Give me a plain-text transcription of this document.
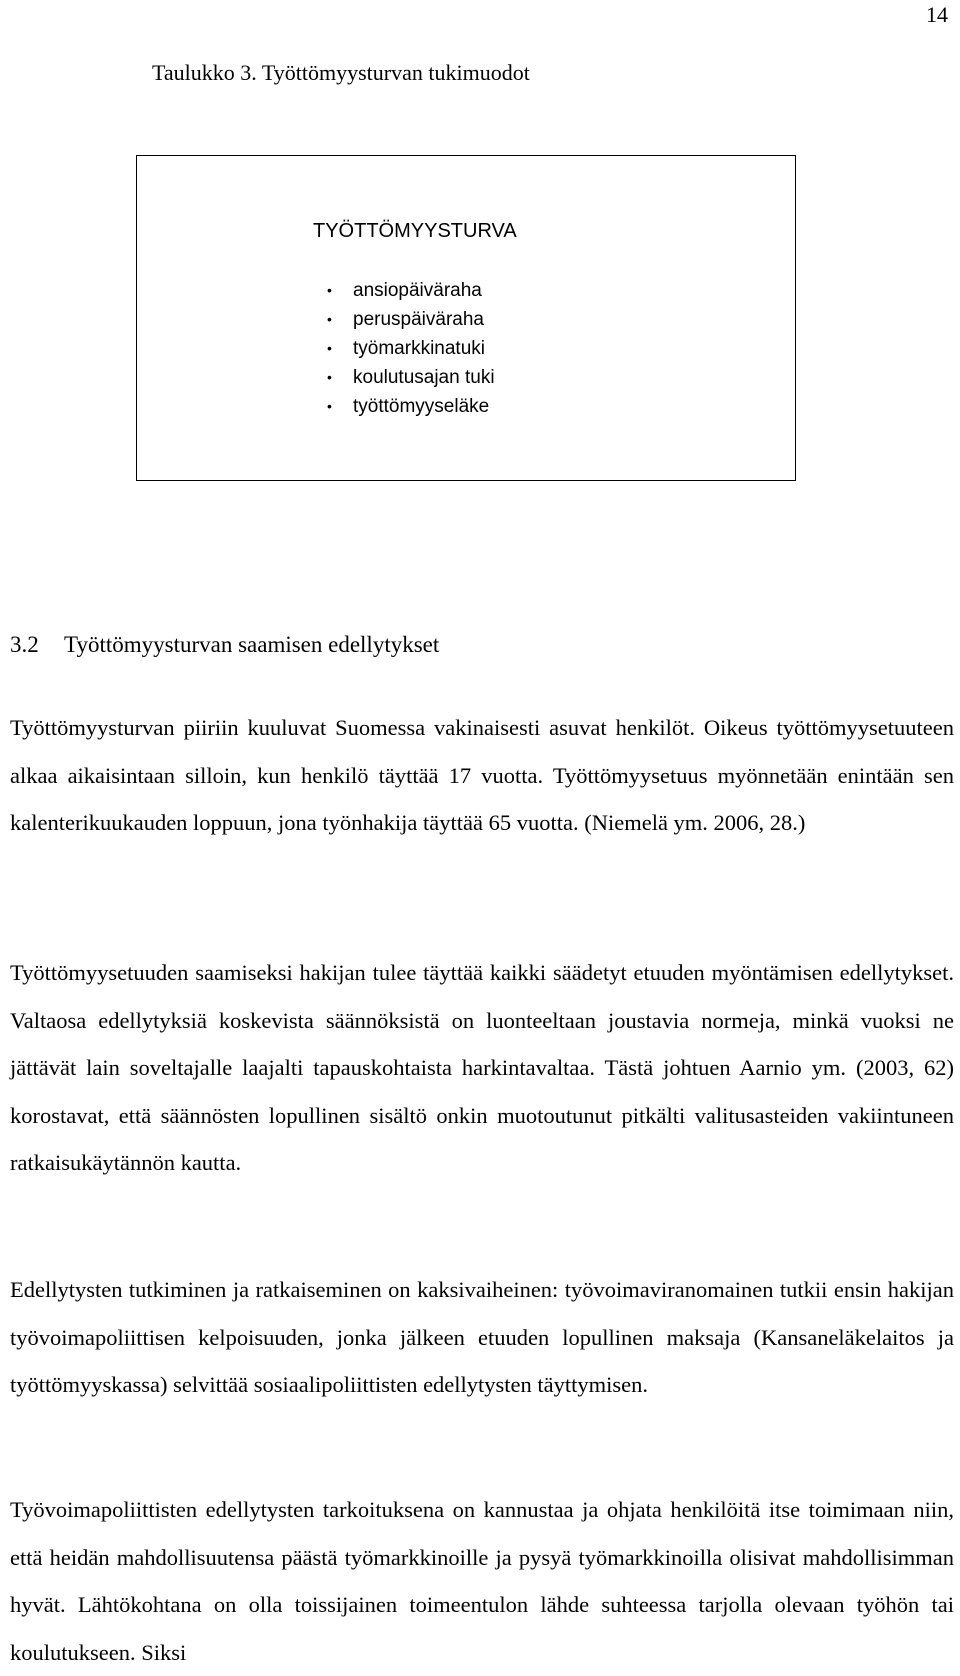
14
Taulukko 3. Työttömyysturvan tukimuodot
TYÖTTÖMYYSTURVA
• ansiopäiväraha
• peruspäiväraha
• työmarkkinatuki
• koulutusajan tuki
• työttömyyseläke
3.2 Työttömyysturvan saamisen edellytykset

Työttömyysturvan piiriin kuuluvat Suomessa vakinaisesti asuvat henkilöt. Oikeus työttömyysetuuteen alkaa aikaisintaan silloin, kun henkilö täyttää 17 vuotta. Työttömyysetuus myönnetään enintään sen kalenterikuukauden loppuun, jona työnhakija täyttää 65 vuotta. (Niemelä ym. 2006, 28.)

Työttömyysetuuden saamiseksi hakijan tulee täyttää kaikki säädetyt etuuden myöntämisen edellytykset. Valtaosa edellytyksiä koskevista säännöksistä on luonteeltaan joustavia normeja, minkä vuoksi ne jättävät lain soveltajalle laajalti tapauskohtaista harkintavaltaa. Tästä johtuen Aarnio ym. (2003, 62) korostavat, että säännösten lopullinen sisältö onkin muotoutunut pitkälti valitusasteiden vakiintuneen ratkaisukäytännön kautta.

Edellytysten tutkiminen ja ratkaiseminen on kaksivaiheinen: työvoimaviranomainen tutkii ensin hakijan työvoimapoliittisen kelpoisuuden, jonka jälkeen etuuden lopullinen maksaja (Kansaneläkelaitos ja työttömyyskassa) selvittää sosiaalipoliittisten edellytysten täyttymisen.

Työvoimapoliittisten edellytysten tarkoituksena on kannustaa ja ohjata henkilöitä itse toimimaan niin, että heidän mahdollisuutensa päästä työmarkkinoille ja pysyä työmarkkinoilla olisivat mahdollisimman hyvät. Lähtökohtana on olla toissijainen toimeentulon lähde suhteessa tarjolla olevaan työhön tai koulutukseen. Siksi
